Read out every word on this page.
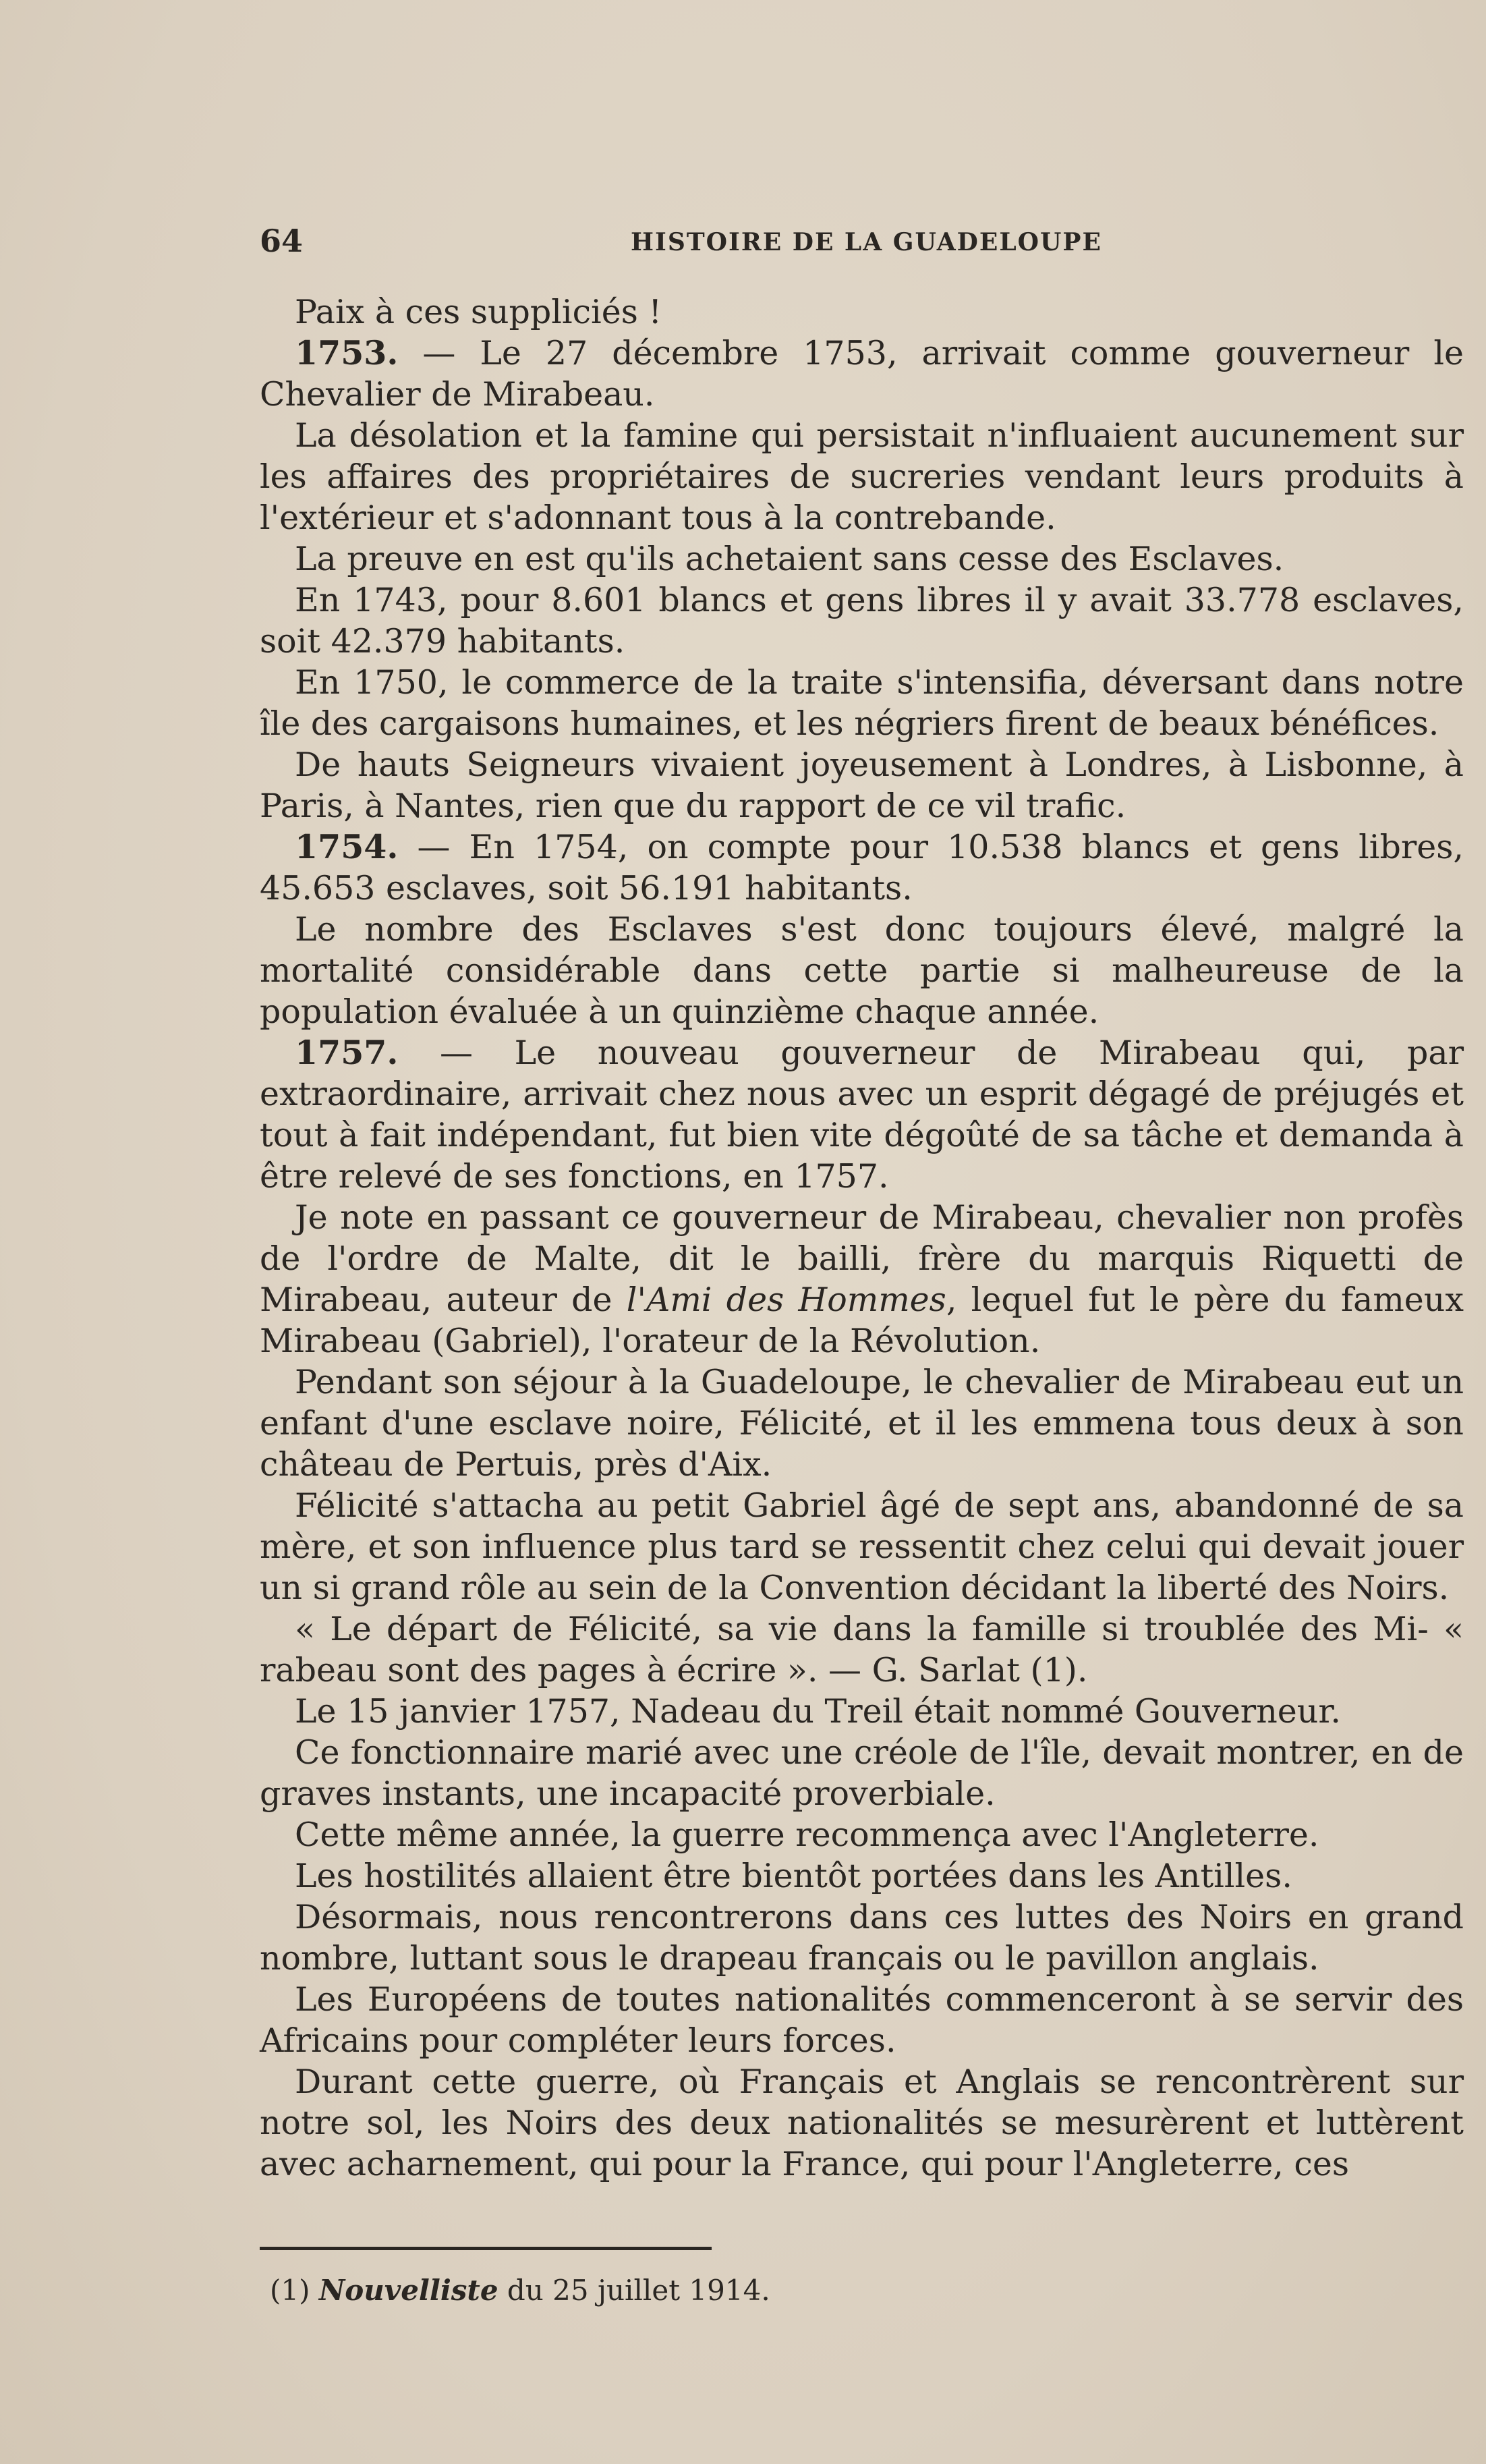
64	HISTOIRE DE LA GUADELOUPE

Paix à ces suppliciés !

1753. — Le 27 décembre 1753, arrivait comme gouverneur le Chevalier de Mirabeau.

La désolation et la famine qui persistait n'influaient aucunement sur les affaires des propriétaires de sucreries vendant leurs produits à l'extérieur et s'adonnant tous à la contrebande.

La preuve en est qu'ils achetaient sans cesse des Esclaves.

En 1743, pour 8.601 blancs et gens libres il y avait 33.778 esclaves, soit 42.379 habitants.

En 1750, le commerce de la traite s'intensifia, déversant dans notre île des cargaisons humaines, et les négriers firent de beaux bénéfices.

De hauts Seigneurs vivaient joyeusement à Londres, à Lisbonne, à Paris, à Nantes, rien que du rapport de ce vil trafic.

1754. — En 1754, on compte pour 10.538 blancs et gens libres, 45.653 esclaves, soit 56.191 habitants.

Le nombre des Esclaves s'est donc toujours élevé, malgré la mortalité considérable dans cette partie si malheureuse de la population évaluée à un quinzième chaque année.

1757. — Le nouveau gouverneur de Mirabeau qui, par extraordinaire, arrivait chez nous avec un esprit dégagé de préjugés et tout à fait indépendant, fut bien vite dégoûté de sa tâche et demanda à être relevé de ses fonctions, en 1757.

Je note en passant ce gouverneur de Mirabeau, chevalier non profès de l'ordre de Malte, dit le bailli, frère du marquis Riquetti de Mirabeau, auteur de l'Ami des Hommes, lequel fut le père du fameux Mirabeau (Gabriel), l'orateur de la Révolution.

Pendant son séjour à la Guadeloupe, le chevalier de Mirabeau eut un enfant d'une esclave noire, Félicité, et il les emmena tous deux à son château de Pertuis, près d'Aix.

Félicité s'attacha au petit Gabriel âgé de sept ans, abandonné de sa mère, et son influence plus tard se ressentit chez celui qui devait jouer un si grand rôle au sein de la Convention décidant la liberté des Noirs.

« Le départ de Félicité, sa vie dans la famille si troublée des Mi- « rabeau sont des pages à écrire ». — G. Sarlat (1).

Le 15 janvier 1757, Nadeau du Treil était nommé Gouverneur.

Ce fonctionnaire marié avec une créole de l'île, devait montrer, en de graves instants, une incapacité proverbiale.

Cette même année, la guerre recommença avec l'Angleterre.

Les hostilités allaient être bientôt portées dans les Antilles.

Désormais, nous rencontrerons dans ces luttes des Noirs en grand nombre, luttant sous le drapeau français ou le pavillon anglais.

Les Européens de toutes nationalités commenceront à se servir des Africains pour compléter leurs forces.

Durant cette guerre, où Français et Anglais se rencontrèrent sur notre sol, les Noirs des deux nationalités se mesurèrent et luttèrent avec acharnement, qui pour la France, qui pour l'Angleterre, ces

(1) Nouvelliste du 25 juillet 1914.
